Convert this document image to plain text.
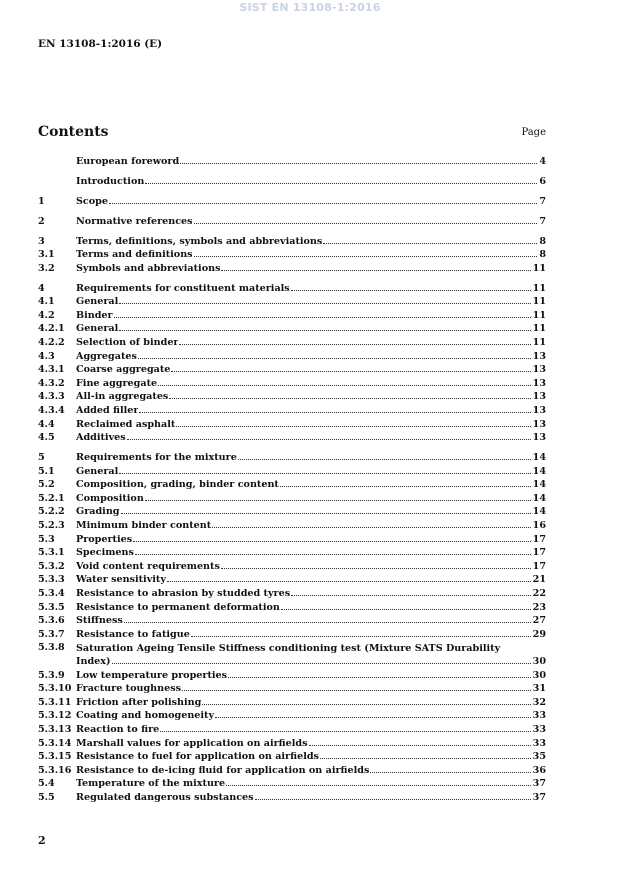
SIST EN 13108-1:2016
EN 13108-1:2016 (E)
Contents	Page
European foreword	4
Introduction	6
1	Scope	7
2	Normative references	7
3	Terms, definitions, symbols and abbreviations	8
3.1	Terms and definitions	8
3.2	Symbols and abbreviations	11
4	Requirements for constituent materials	11
4.1	General	11
4.2	Binder	11
4.2.1	General	11
4.2.2	Selection of binder	11
4.3	Aggregates	13
4.3.1	Coarse aggregate	13
4.3.2	Fine aggregate	13
4.3.3	All-in aggregates	13
4.3.4	Added filler	13
4.4	Reclaimed asphalt	13
4.5	Additives	13
5	Requirements for the mixture	14
5.1	General	14
5.2	Composition, grading, binder content	14
5.2.1	Composition	14
5.2.2	Grading	14
5.2.3	Minimum binder content	16
5.3	Properties	17
5.3.1	Specimens	17
5.3.2	Void content requirements	17
5.3.3	Water sensitivity	21
5.3.4	Resistance to abrasion by studded tyres	22
5.3.5	Resistance to permanent deformation	23
5.3.6	Stiffness	27
5.3.7	Resistance to fatigue	29
5.3.8	Saturation Ageing Tensile Stiffness conditioning test (Mixture SATS Durability
Index)	30
5.3.9	Low temperature properties	30
5.3.10 Fracture toughness	31
5.3.11 Friction after polishing	32
5.3.12 Coating and homogeneity	33
5.3.13 Reaction to fire	33
5.3.14 Marshall values for application on airfields	33
5.3.15 Resistance to fuel for application on airfields	35
5.3.16 Resistance to de-icing fluid for application on airfields	36
5.4	Temperature of the mixture	37
5.5	Regulated dangerous substances	37
2
